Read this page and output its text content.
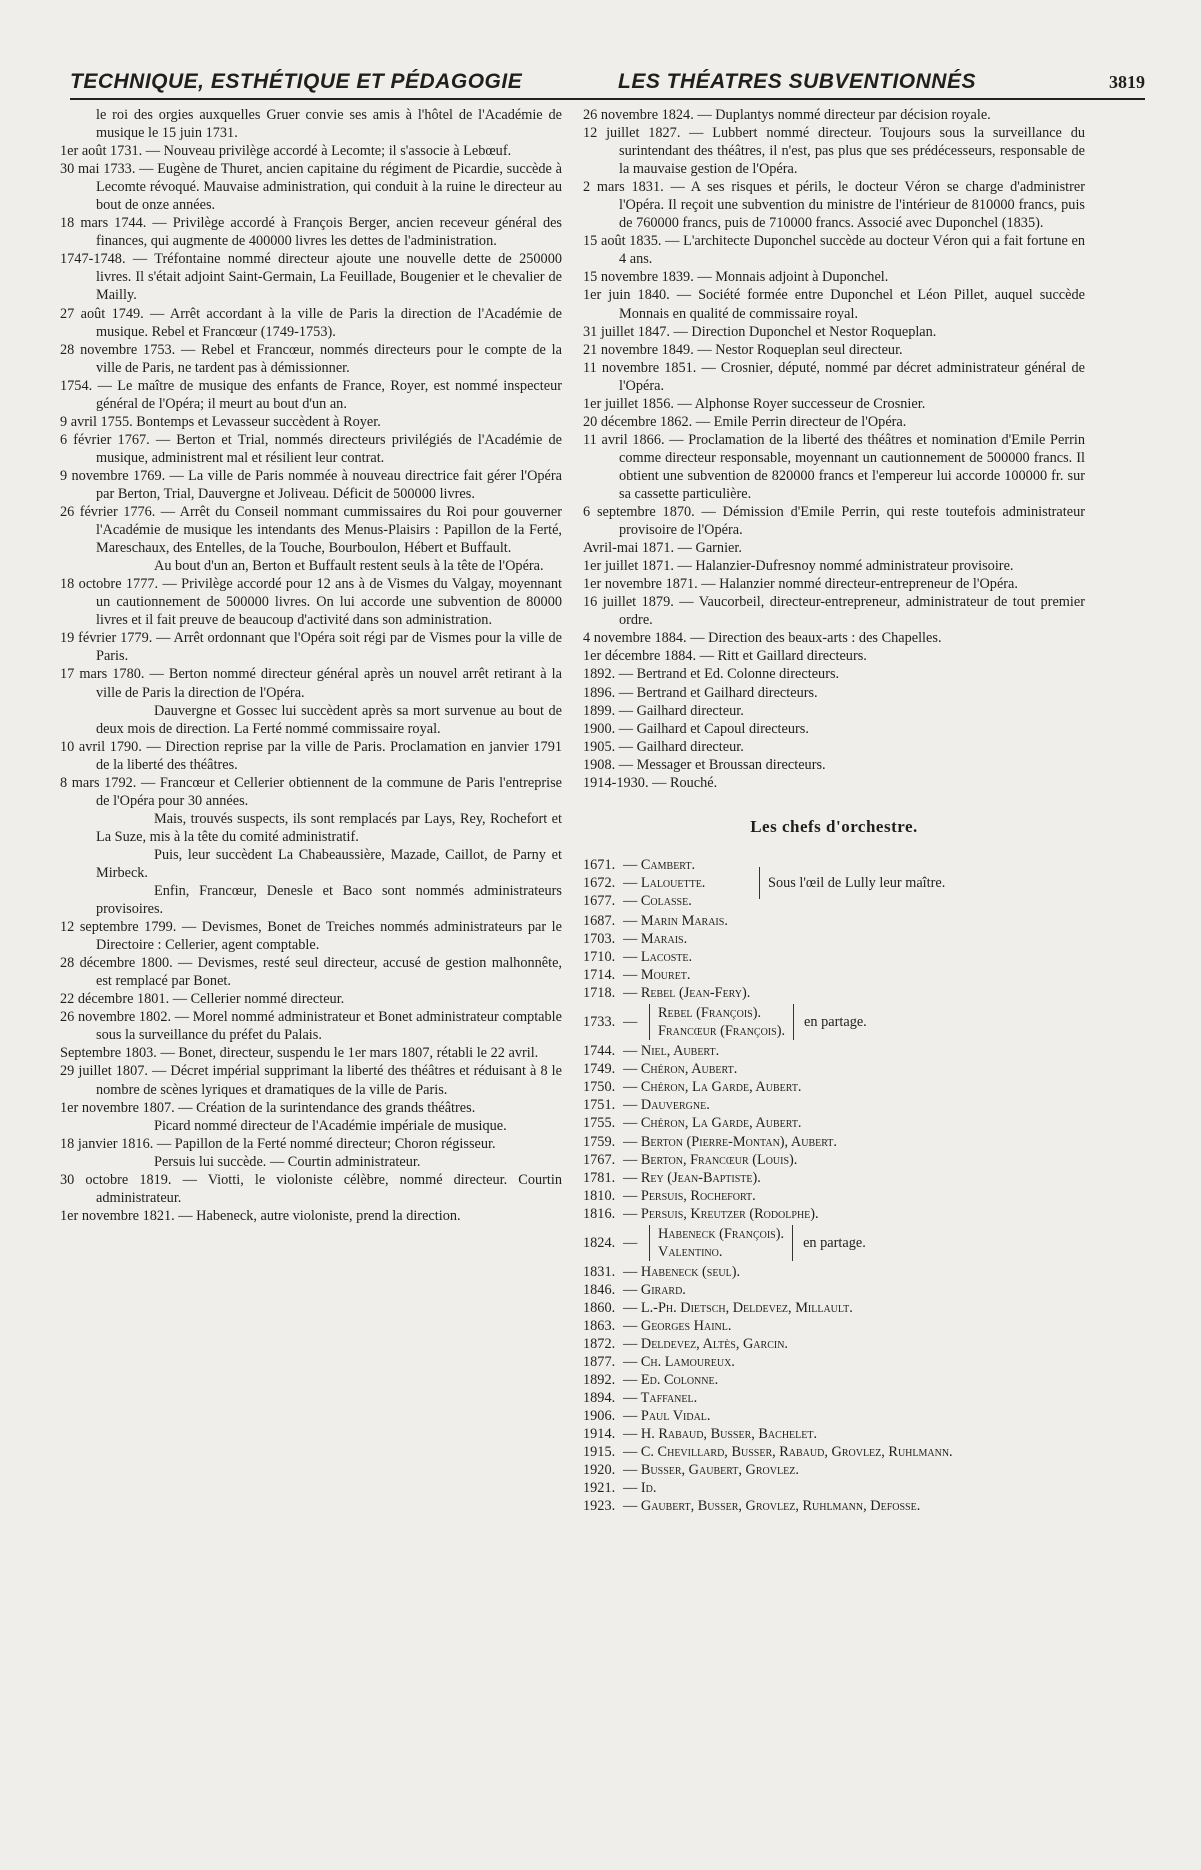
TECHNIQUE, ESTHÉTIQUE ET PÉDAGOGIE	LES THÉATRES SUBVENTIONNÉS	3819
le roi des orgies auxquelles Gruer convie ses amis à l'hôtel de l'Académie de musique le 15 juin 1731.
1er août 1731. — Nouveau privilège accordé à Lecomte; il s'associe à Lebœuf.
30 mai 1733. — Eugène de Thuret, ancien capitaine du régiment de Picardie, succède à Lecomte révoqué. Mauvaise administration, qui conduit à la ruine le directeur au bout de onze années.
18 mars 1744. — Privilège accordé à François Berger, ancien receveur général des finances, qui augmente de 400000 livres les dettes de l'administration.
1747-1748. — Tréfontaine nommé directeur ajoute une nouvelle dette de 250000 livres. Il s'était adjoint Saint-Germain, La Feuillade, Bougenier et le chevalier de Mailly.
27 août 1749. — Arrêt accordant à la ville de Paris la direction de l'Académie de musique. Rebel et Francœur (1749-1753).
28 novembre 1753. — Rebel et Francœur, nommés directeurs pour le compte de la ville de Paris, ne tardent pas à démissionner.
1754. — Le maître de musique des enfants de France, Royer, est nommé inspecteur général de l'Opéra; il meurt au bout d'un an.
9 avril 1755. Bontemps et Levasseur succèdent à Royer.
6 février 1767. — Berton et Trial, nommés directeurs privilégiés de l'Académie de musique, administrent mal et résilient leur contrat.
9 novembre 1769. — La ville de Paris nommée à nouveau directrice fait gérer l'Opéra par Berton, Trial, Dauvergne et Joliveau. Déficit de 500000 livres.
26 février 1776. — Arrêt du Conseil nommant cummissaires du Roi pour gouverner l'Académie de musique les intendants des Menus-Plaisirs : Papillon de la Ferté, Mareschaux, des Entelles, de la Touche, Bourboulon, Hébert et Buffault.
Au bout d'un an, Berton et Buffault restent seuls à la tête de l'Opéra.
18 octobre 1777. — Privilège accordé pour 12 ans à de Vismes du Valgay, moyennant un cautionnement de 500000 livres. On lui accorde une subvention de 80000 livres et il fait preuve de beaucoup d'activité dans son administration.
19 février 1779. — Arrêt ordonnant que l'Opéra soit régi par de Vismes pour la ville de Paris.
17 mars 1780. — Berton nommé directeur général après un nouvel arrêt retirant à la ville de Paris la direction de l'Opéra.
Dauvergne et Gossec lui succèdent après sa mort survenue au bout de deux mois de direction. La Ferté nommé commissaire royal.
10 avril 1790. — Direction reprise par la ville de Paris. Proclamation en janvier 1791 de la liberté des théâtres.
8 mars 1792. — Francœur et Cellerier obtiennent de la commune de Paris l'entreprise de l'Opéra pour 30 années.
Mais, trouvés suspects, ils sont remplacés par Lays, Rey, Rochefort et La Suze, mis à la tête du comité administratif.
Puis, leur succèdent La Chabeaussière, Mazade, Caillot, de Parny et Mirbeck.
Enfin, Francœur, Denesle et Baco sont nommés administrateurs provisoires.
12 septembre 1799. — Devismes, Bonet de Treiches nommés administrateurs par le Directoire : Cellerier, agent comptable.
28 décembre 1800. — Devismes, resté seul directeur, accusé de gestion malhonnête, est remplacé par Bonet.
22 décembre 1801. — Cellerier nommé directeur.
26 novembre 1802. — Morel nommé administrateur et Bonet administrateur comptable sous la surveillance du préfet du Palais.
Septembre 1803. — Bonet, directeur, suspendu le 1er mars 1807, rétabli le 22 avril.
29 juillet 1807. — Décret impérial supprimant la liberté des théâtres et réduisant à 8 le nombre de scènes lyriques et dramatiques de la ville de Paris.
1er novembre 1807. — Création de la surintendance des grands théâtres.
Picard nommé directeur de l'Académie impériale de musique.
18 janvier 1816. — Papillon de la Ferté nommé directeur; Choron régisseur.
Persuis lui succède. — Courtin administrateur.
30 octobre 1819. — Viotti, le violoniste célèbre, nommé directeur. Courtin administrateur.
1er novembre 1821. — Habeneck, autre violoniste, prend la direction.
26 novembre 1824. — Duplantys nommé directeur par décision royale.
12 juillet 1827. — Lubbert nommé directeur. Toujours sous la surveillance du surintendant des théâtres, il n'est, pas plus que ses prédécesseurs, responsable de la mauvaise gestion de l'Opéra.
2 mars 1831. — A ses risques et périls, le docteur Véron se charge d'administrer l'Opéra. Il reçoit une subvention du ministre de l'intérieur de 810000 francs, puis de 760000 francs, puis de 710000 francs. Associé avec Duponchel (1835).
15 août 1835. — L'architecte Duponchel succède au docteur Véron qui a fait fortune en 4 ans.
15 novembre 1839. — Monnais adjoint à Duponchel.
1er juin 1840. — Société formée entre Duponchel et Léon Pillet, auquel succède Monnais en qualité de commissaire royal.
31 juillet 1847. — Direction Duponchel et Nestor Roqueplan.
21 novembre 1849. — Nestor Roqueplan seul directeur.
11 novembre 1851. — Crosnier, député, nommé par décret administrateur général de l'Opéra.
1er juillet 1856. — Alphonse Royer successeur de Crosnier.
20 décembre 1862. — Emile Perrin directeur de l'Opéra.
11 avril 1866. — Proclamation de la liberté des théâtres et nomination d'Emile Perrin comme directeur responsable, moyennant un cautionnement de 500000 francs. Il obtient une subvention de 820000 francs et l'empereur lui accorde 100000 fr. sur sa cassette particulière.
6 septembre 1870. — Démission d'Emile Perrin, qui reste toutefois administrateur provisoire de l'Opéra.
Avril-mai 1871. — Garnier.
1er juillet 1871. — Halanzier-Dufresnoy nommé administrateur provisoire.
1er novembre 1871. — Halanzier nommé directeur-entrepreneur de l'Opéra.
16 juillet 1879. — Vaucorbeil, directeur-entrepreneur, administrateur de tout premier ordre.
4 novembre 1884. — Direction des beaux-arts : des Chapelles.
1er décembre 1884. — Ritt et Gaillard directeurs.
1892. — Bertrand et Ed. Colonne directeurs.
1896. — Bertrand et Gailhard directeurs.
1899. — Gailhard directeur.
1900. — Gailhard et Capoul directeurs.
1905. — Gailhard directeur.
1908. — Messager et Broussan directeurs.
1914-1930. — Rouché.
Les chefs d'orchestre.
1671. — Cambert.
1672. — Lalouette.
1677. — Colasse.
Sous l'œil de Lully leur maître.
1687. — Marin Marais.
1703. — Marais.
1710. — Lacoste.
1714. — Mouret.
1718. — Rebel (Jean-Fery).
1733. —
Rebel (François).
Francœur (François).
en partage.
1744. — Niel, Aubert.
1749. — Chéron, Aubert.
1750. — Chéron, La Garde, Aubert.
1751. — Dauvergne.
1755. — Chéron, La Garde, Aubert.
1759. — Berton (Pierre-Montan), Aubert.
1767. — Berton, Francœur (Louis).
1781. — Rey (Jean-Baptiste).
1810. — Persuis, Rochefort.
1816. — Persuis, Kreutzer (Rodolphe).
1824. —
Habeneck (François).
Valentino.
en partage.
1831. — Habeneck (seul).
1846. — Girard.
1860. — L.-Ph. Dietsch, Deldevez, Millault.
1863. — Georges Hainl.
1872. — Deldevez, Altès, Garcin.
1877. — Ch. Lamoureux.
1892. — Ed. Colonne.
1894. — Taffanel.
1906. — Paul Vidal.
1914. — H. Rabaud, Busser, Bachelet.
1915. — C. Chevillard, Busser, Rabaud, Grovlez, Ruhlmann.
1920. — Busser, Gaubert, Grovlez.
1921. — Id.
1923. — Gaubert, Busser, Grovlez, Ruhlmann, Defosse.
